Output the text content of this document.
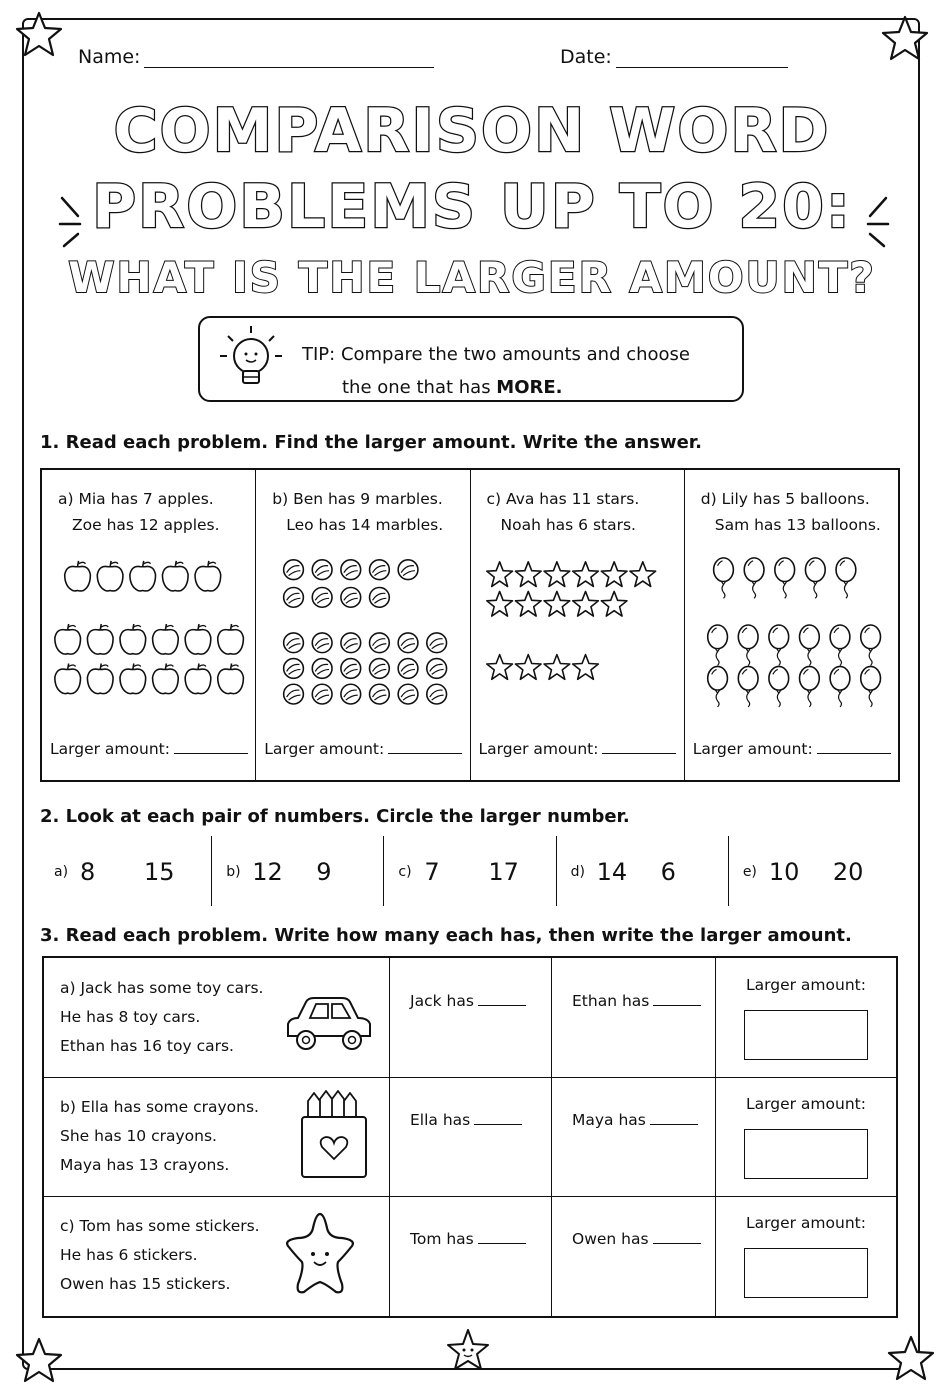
Name:	Date:
COMPARISON WORD
PROBLEMS UP TO 20:
WHAT IS THE LARGER AMOUNT?
TIP: Compare the two amounts and choose
the one that has MORE.
1. Read each problem. Find the larger amount. Write the answer.
a) Mia has 7 apples.
Zoe has 12 apples.
Larger amount:
b) Ben has 9 marbles.
Leo has 14 marbles.
Larger amount:
c) Ava has 11 stars.
Noah has 6 stars.
Larger amount:
d) Lily has 5 balloons.
Sam has 13 balloons.
Larger amount:
2. Look at each pair of numbers. Circle the larger number.
a) 8 15	b) 12 9	c) 7 17	d) 14 6	e) 10 20
3. Read each problem. Write how many each has, then write the larger amount.
a) Jack has some toy cars.
He has 8 toy cars.
Ethan has 16 toy cars.
Jack has	Ethan has
Larger amount:
b) Ella has some crayons.
She has 10 crayons.
Maya has 13 crayons.
Ella has	Maya has
Larger amount:
c) Tom has some stickers.
He has 6 stickers.
Owen has 15 stickers.
Tom has	Owen has
Larger amount:
